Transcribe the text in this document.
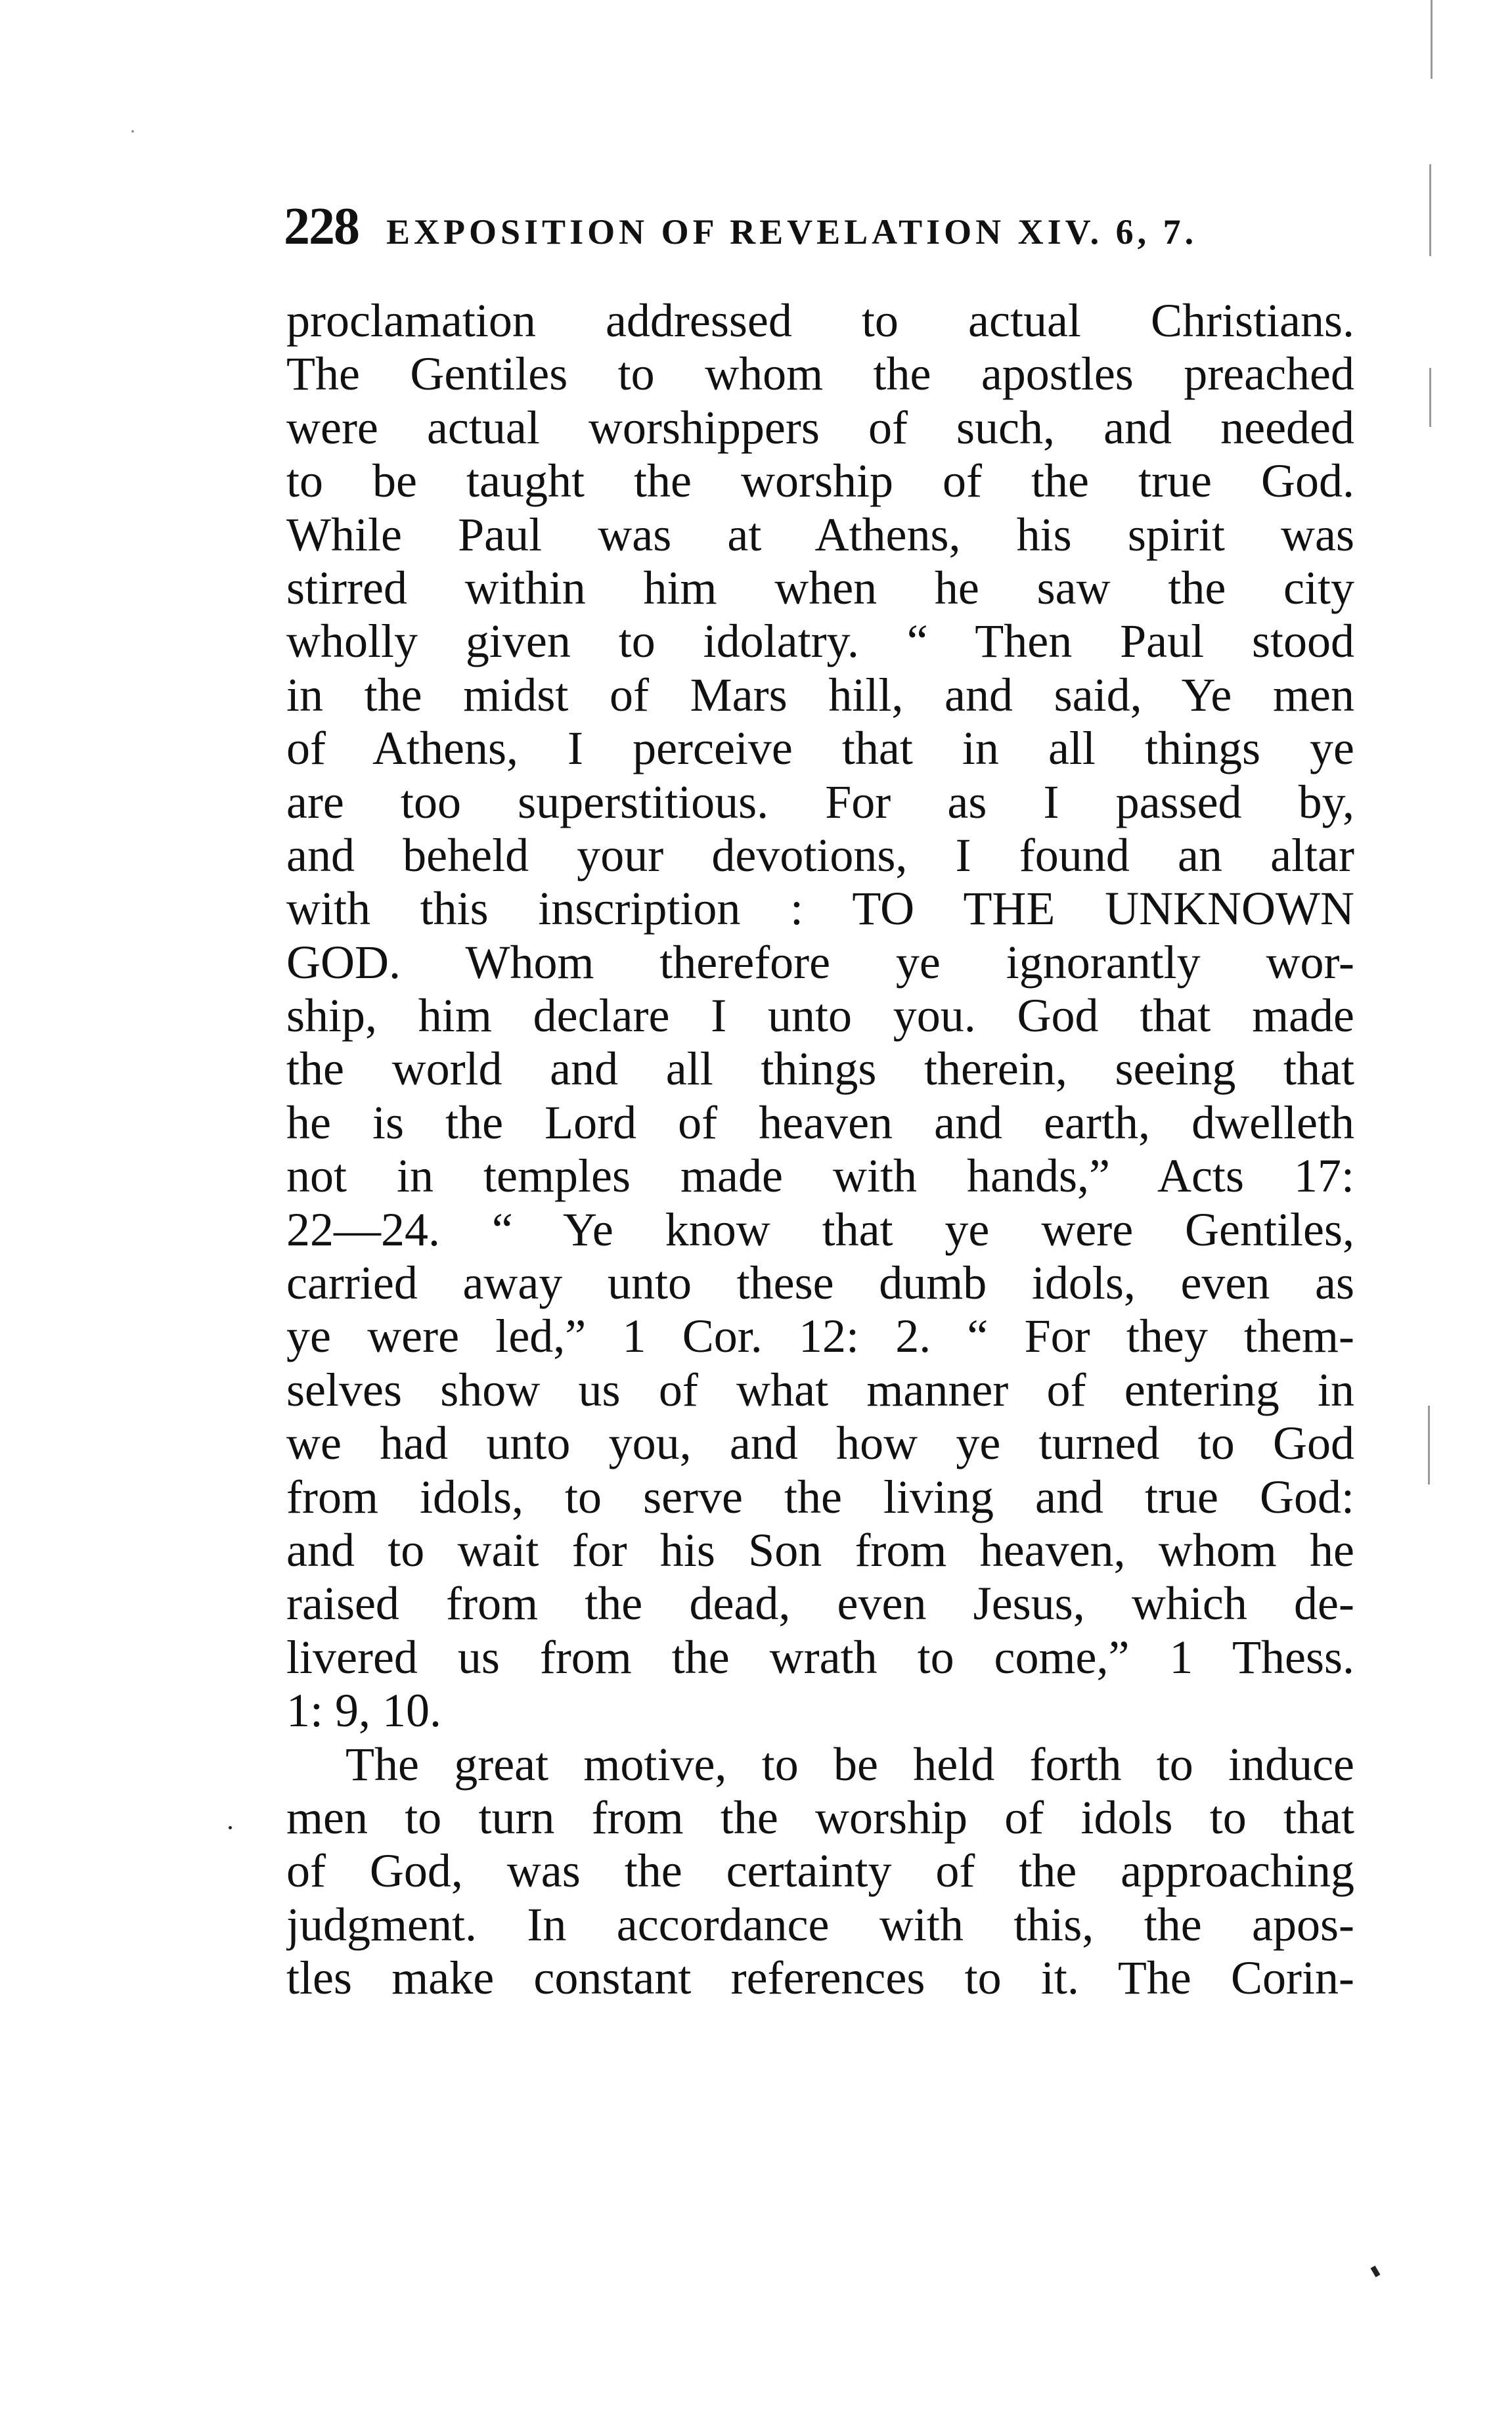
228 EXPOSITION OF REVELATION XIV. 6, 7.
proclamation addressed to actual Christians.
The Gentiles to whom the apostles preached
were actual worshippers of such, and needed
to be taught the worship of the true God.
While Paul was at Athens, his spirit was
stirred within him when he saw the city
wholly given to idolatry. “ Then Paul stood
in the midst of Mars hill, and said, Ye men
of Athens, I perceive that in all things ye
are too superstitious. For as I passed by,
and beheld your devotions, I found an altar
with this inscription : TO THE UNKNOWN
GOD. Whom therefore ye ignorantly wor-
ship, him declare I unto you. God that made
the world and all things therein, seeing that
he is the Lord of heaven and earth, dwelleth
not in temples made with hands,” Acts 17:
22—24. “ Ye know that ye were Gentiles,
carried away unto these dumb idols, even as
ye were led,” 1 Cor. 12: 2. “ For they them-
selves show us of what manner of entering in
we had unto you, and how ye turned to God
from idols, to serve the living and true God:
and to wait for his Son from heaven, whom he
raised from the dead, even Jesus, which de-
livered us from the wrath to come,” 1 Thess.
1: 9, 10.
The great motive, to be held forth to induce
men to turn from the worship of idols to that
of God, was the certainty of the approaching
judgment. In accordance with this, the apos-
tles make constant references to it. The Corin-
